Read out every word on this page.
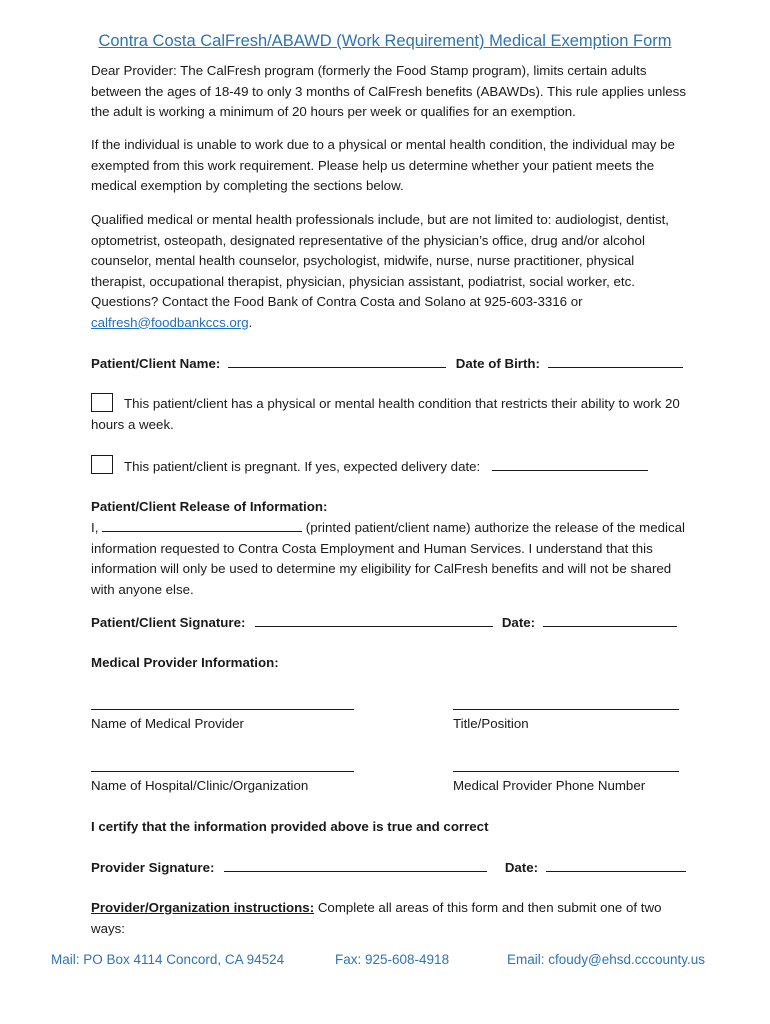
Contra Costa CalFresh/ABAWD (Work Requirement) Medical Exemption Form

Dear Provider: The CalFresh program (formerly the Food Stamp program), limits certain adults between the ages of 18-49 to only 3 months of CalFresh benefits (ABAWDs). This rule applies unless the adult is working a minimum of 20 hours per week or qualifies for an exemption.

If the individual is unable to work due to a physical or mental health condition, the individual may be exempted from this work requirement. Please help us determine whether your patient meets the medical exemption by completing the sections below.

Qualified medical or mental health professionals include, but are not limited to: audiologist, dentist, optometrist, osteopath, designated representative of the physician’s office, drug and/or alcohol counselor, mental health counselor, psychologist, midwife, nurse, nurse practitioner, physical therapist, occupational therapist, physician, physician assistant, podiatrist, social worker, etc. Questions? Contact the Food Bank of Contra Costa and Solano at 925-603-3316 or calfresh@foodbankccs.org.

Patient/Client Name:	Date of Birth:

This patient/client has a physical or mental health condition that restricts their ability to work 20 hours a week.

This patient/client is pregnant. If yes, expected delivery date:
Patient/Client Release of Information:

I,	(printed patient/client name) authorize the release of the medical information requested to Contra Costa Employment and Human Services. I understand that this information will only be used to determine my eligibility for CalFresh benefits and will not be shared with anyone else.

Patient/Client Signature:	Date:
Medical Provider Information:
Name of Medical Provider	Title/Position
Name of Hospital/Clinic/Organization	Medical Provider Phone Number
I certify that the information provided above is true and correct
Provider Signature:	Date:

Provider/Organization instructions: Complete all areas of this form and then submit one of two ways:

Mail: PO Box 4114 Concord, CA 94524	Fax: 925-608-4918	Email: cfoudy@ehsd.cccounty.us
